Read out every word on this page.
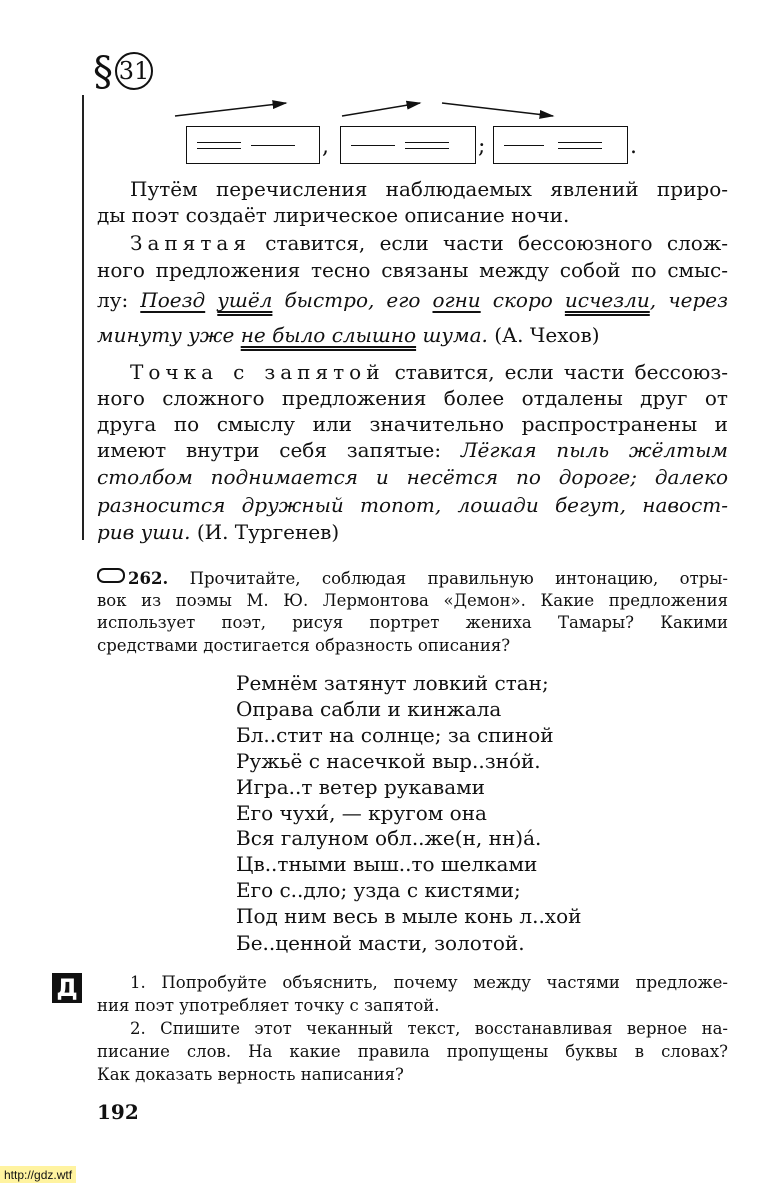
§ 31
,	;	.
Путём перечисления наблюдаемых явлений приро-
ды поэт создаёт лирическое описание ночи.
Запятая ставится, если части бессоюзного слож-
ного предложения тесно связаны между собой по смыс-
лу: Поезд ушёл быстро, его огни скоро исчезли, через
минуту уже не было слышно шума. (А. Чехов)
Точка с запятой ставится, если части бессоюз-
ного сложного предложения более отдалены друг от
друга по смыслу или значительно распространены и
имеют внутри себя запятые: Лёгкая пыль жёлтым
столбом поднимается и несётся по дороге; далеко
разносится дружный топот, лошади бегут, навост-
рив уши. (И. Тургенев)
262. Прочитайте, соблюдая правильную интонацию, отры-
вок из поэмы М. Ю. Лермонтова «Демон». Какие предложения
использует поэт, рисуя портрет жениха Тамары? Какими
средствами достигается образность описания?
Ремнём затянут ловкий стан;
Оправа сабли и кинжала
Бл..стит на солнце; за спиной
Ружьё с насечкой выр..зно́й.
Игра..т ветер рукавами
Его чухи́, — кругом она
Вся галуном обл..же(н, нн)а́.
Цв..тными выш..то шелками
Его с..дло; узда с кистями;
Под ним весь в мыле конь л..хой
Бе..ценной масти, золотой.
Д	1. Попробуйте объяснить, почему между частями предложе-
ния поэт употребляет точку с запятой.
2. Спишите этот чеканный текст, восстанавливая верное на-
писание слов. На какие правила пропущены буквы в словах?
Как доказать верность написания?
192
http://gdz.wtf
